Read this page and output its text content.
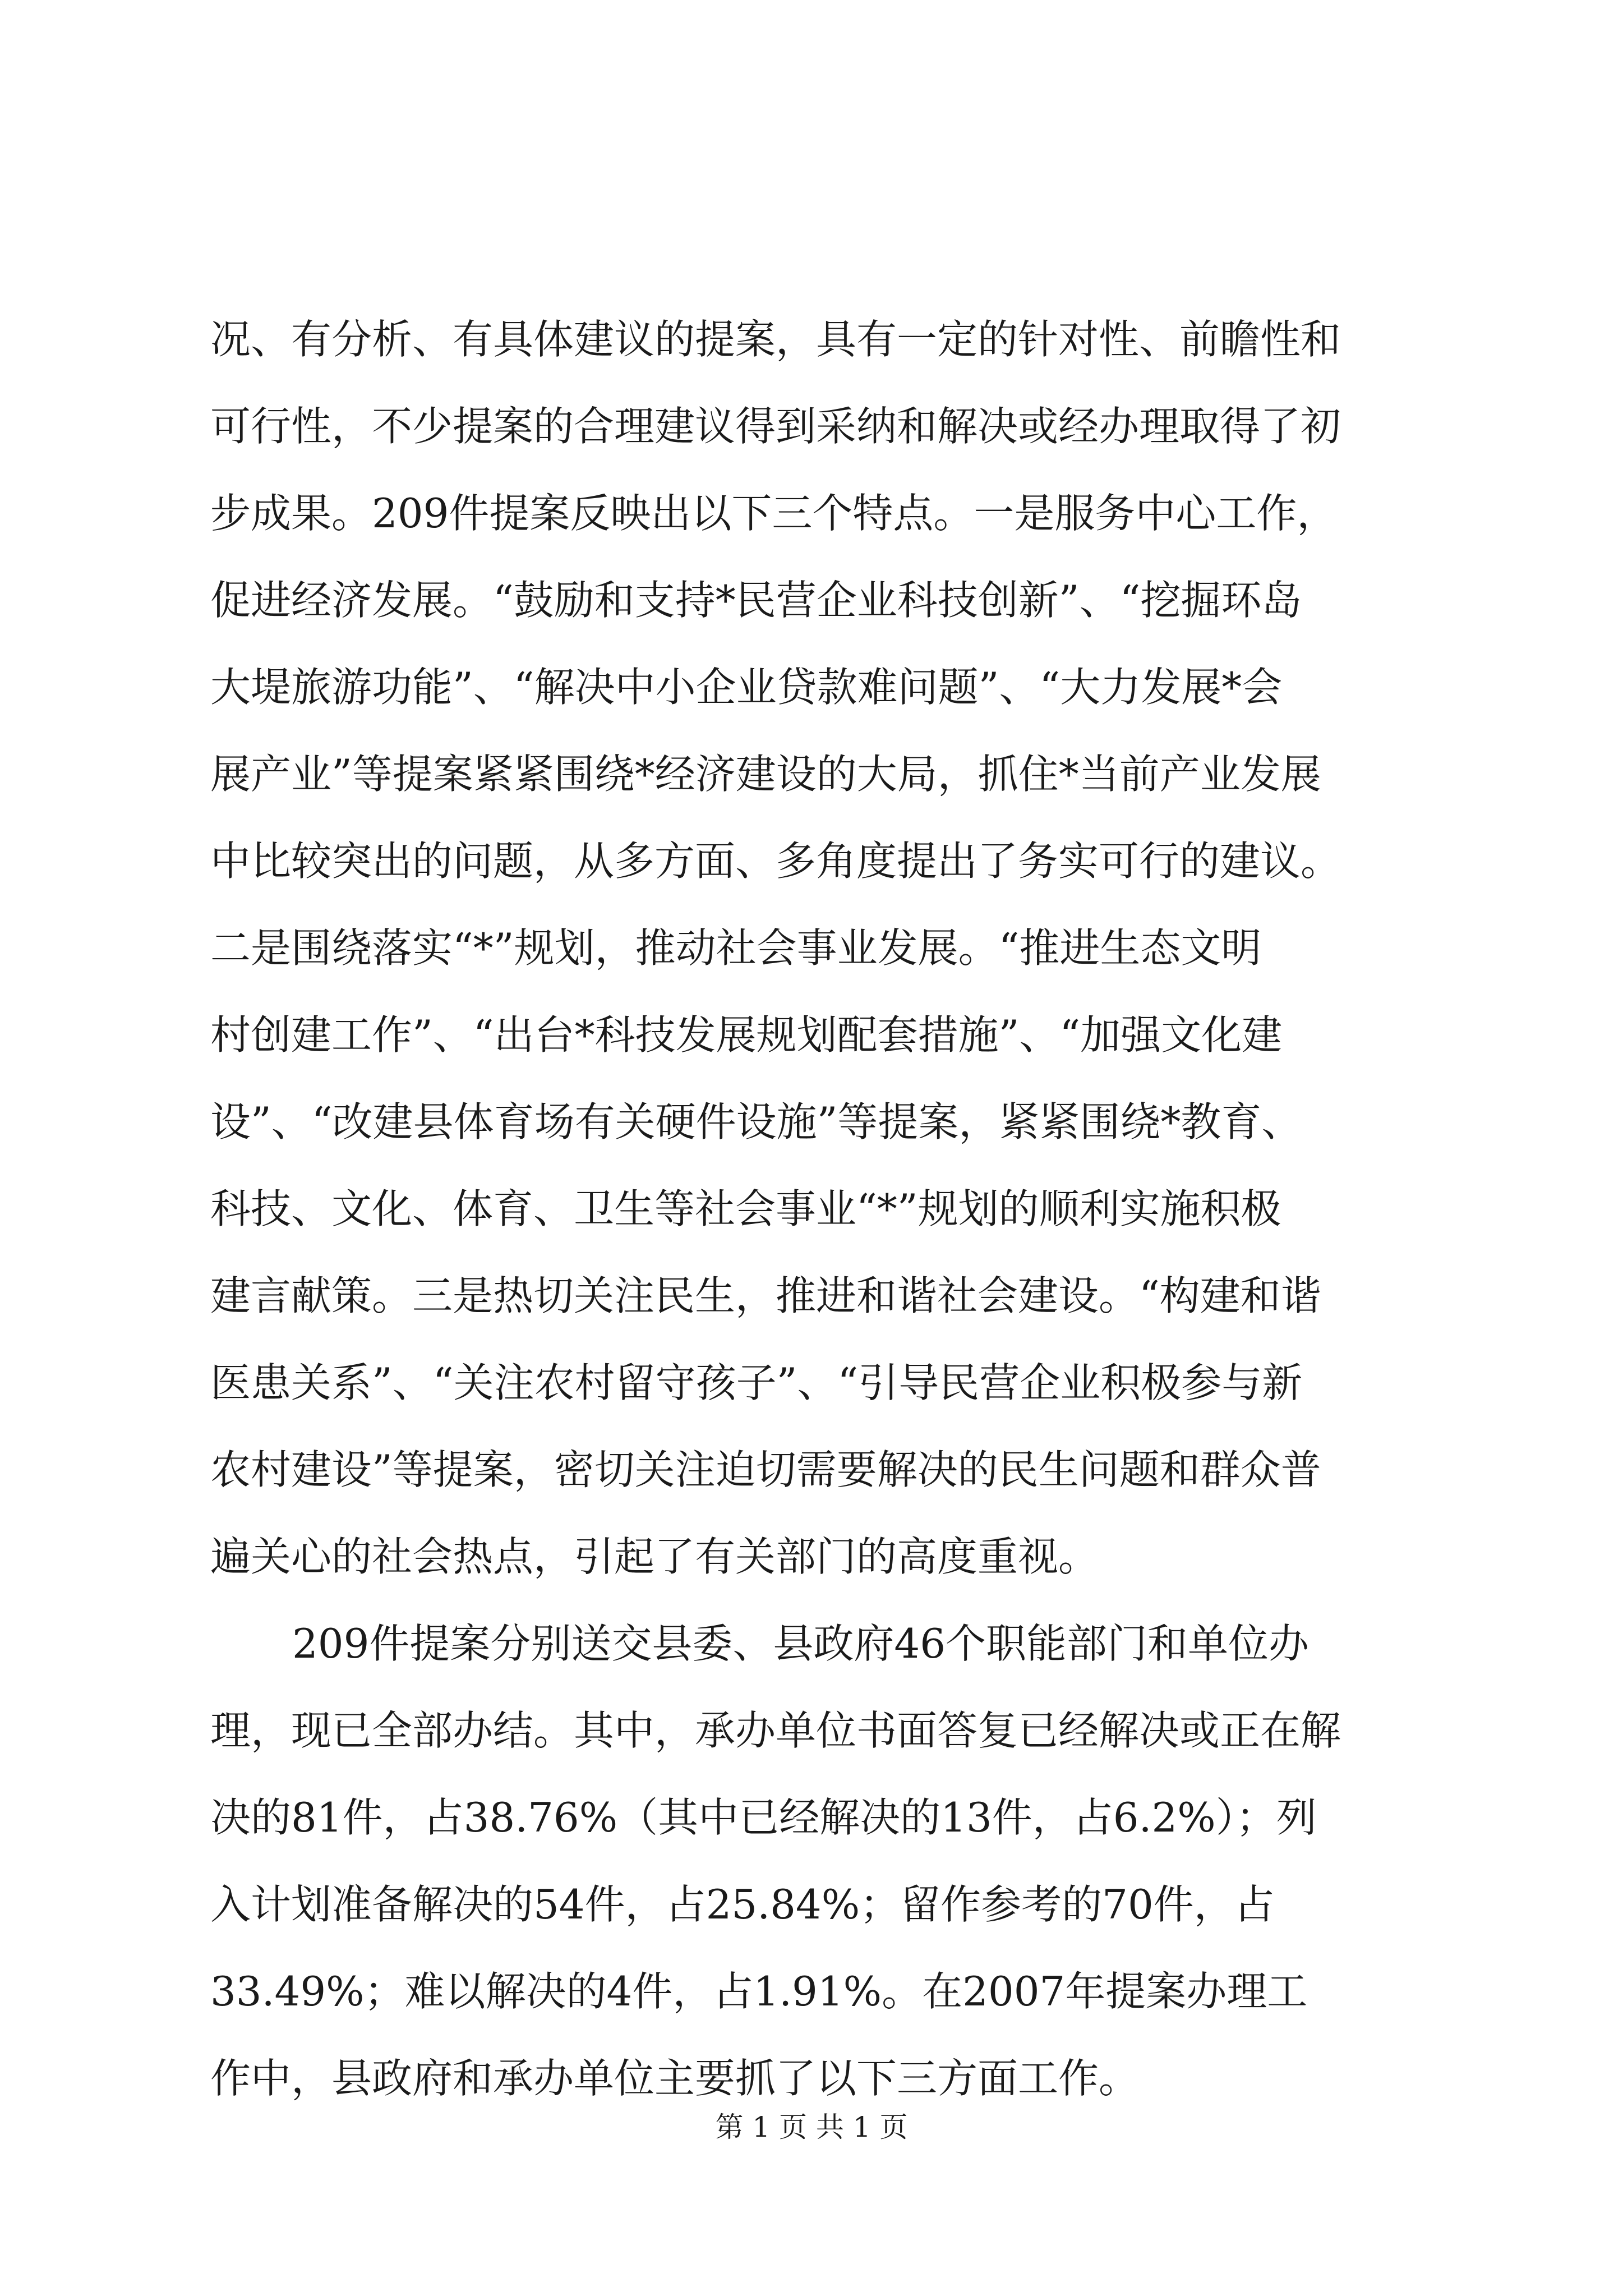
况、有分析、有具体建议的提案，具有一定的针对性、前瞻性和
可行性，不少提案的合理建议得到采纳和解决或经办理取得了初
步成果。209件提案反映出以下三个特点。一是服务中心工作，
促进经济发展。“鼓励和支持*民营企业科技创新”、“挖掘环岛
大堤旅游功能”、“解决中小企业贷款难问题”、“大力发展*会
展产业”等提案紧紧围绕*经济建设的大局，抓住*当前产业发展
中比较突出的问题，从多方面、多角度提出了务实可行的建议。
二是围绕落实“*”规划，推动社会事业发展。“推进生态文明
村创建工作”、“出台*科技发展规划配套措施”、“加强文化建
设”、“改建县体育场有关硬件设施”等提案，紧紧围绕*教育、
科技、文化、体育、卫生等社会事业“*”规划的顺利实施积极
建言献策。三是热切关注民生，推进和谐社会建设。“构建和谐
医患关系”、“关注农村留守孩子”、“引导民营企业积极参与新
农村建设”等提案，密切关注迫切需要解决的民生问题和群众普
遍关心的社会热点，引起了有关部门的高度重视。

209件提案分别送交县委、县政府46个职能部门和单位办
理，现已全部办结。其中，承办单位书面答复已经解决或正在解
决的81件，占38.76%（其中已经解决的13件，占6.2%）；列
入计划准备解决的54件，占25.84%；留作参考的70件，占
33.49%；难以解决的4件，占1.91%。在2007年提案办理工
作中，县政府和承办单位主要抓了以下三方面工作。

第 1 页 共 1 页
